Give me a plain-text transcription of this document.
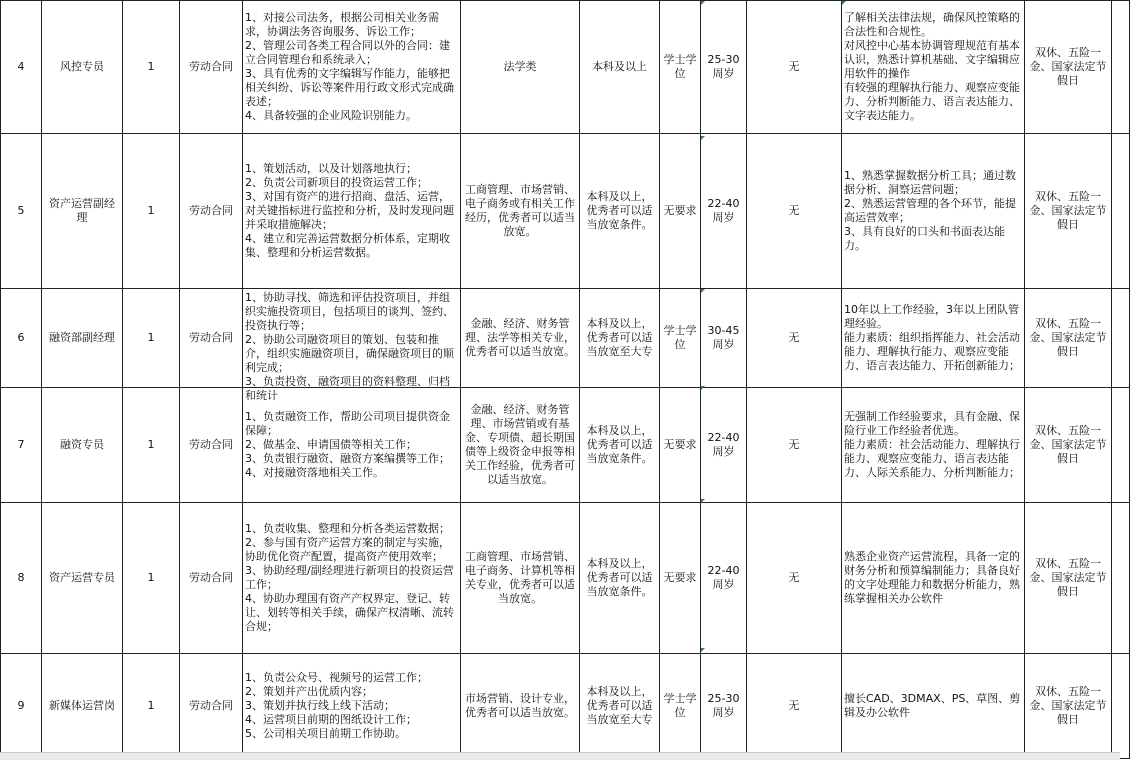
4	风控专员	1	劳动合同	1、对接公司法务，根据公司相关业务需求，协调法务咨询服务、诉讼工作；
2、管理公司各类工程合同以外的合同：建立合同管理台和系统录入；
3、具有优秀的文字编辑写作能力，能够把相关纠纷、诉讼等案件用行政文形式完成确表述；
4、具备较强的企业风险识别能力。	法学类	本科及以上	学士学位	25-30周岁	无	了解相关法律法规，确保风控策略的合法性和合规性。
对风控中心基本协调管理规范有基本认识，熟悉计算机基础、文字编辑应用软件的操作
有较强的理解执行能力、观察应变能力、分析判断能力、语言表达能力、文字表达能力。	双休、五险一金、国家法定节假日	

5	资产运营副经理	1	劳动合同	1、策划活动，以及计划落地执行；
2、负责公司新项目的投资运营工作；
3、对国有资产的进行招商、盘活、运营，对关键指标进行监控和分析，及时发现问题并采取措施解决；
4、建立和完善运营数据分析体系，定期收集、整理和分析运营数据。	工商管理、市场营销、电子商务或有相关工作经历，优秀者可以适当放宽。	本科及以上，优秀者可以适当放宽条件。	无要求	22-40周岁	无	1、熟悉掌握数据分析工具；通过数据分析、洞察运营问题；
2、熟悉运营管理的各个环节，能提高运营效率；
3、具有良好的口头和书面表达能力。	双休、五险一金、国家法定节假日	

6	融资部副经理	1	劳动合同	1、协助寻找、筛选和评估投资项目，并组织实施投资项目，包括项目的谈判、签约、投资执行等；
2、协助公司融资项目的策划、包装和推介，组织实施融资项目，确保融资项目的顺利完成；
3、负责投资、融资项目的资料整理、归档和统计	金融、经济、财务管理、法学等相关专业，优秀者可以适当放宽。	本科及以上，优秀者可以适当放宽至大专	学士学位	30-45周岁	无	10年以上工作经验，3年以上团队管理经验。
能力素质：组织指挥能力、社会活动能力、理解执行能力、观察应变能力、语言表达能力、开拓创新能力；	双休、五险一金、国家法定节假日	

7	融资专员	1	劳动合同	1、负责融资工作，帮助公司项目提供资金保障；
2、做基金、申请国债等相关工作；
3、负责银行融资、融资方案编撰等工作；
4、对接融资落地相关工作。	金融、经济、财务管理、市场营销或有基金、专项债、超长期国债等上级资金申报等相关工作经验，优秀者可以适当放宽。	本科及以上，优秀者可以适当放宽条件。	无要求	22-40周岁	无	无强制工作经验要求，具有金融、保险行业工作经验者优选。
能力素质：社会活动能力、理解执行能力、观察应变能力、语言表达能力、人际关系能力、分析判断能力；	双休、五险一金、国家法定节假日	

8	资产运营专员	1	劳动合同	1、负责收集、整理和分析各类运营数据；
2、参与国有资产运营方案的制定与实施，协助优化资产配置，提高资产使用效率；
3、协助经理/副经理进行新项目的投资运营工作；
4、协助办理国有资产产权界定、登记、转让、划转等相关手续，确保产权清晰、流转合规；	工商管理、市场营销、电子商务、计算机等相关专业，优秀者可以适当放宽。	本科及以上，优秀者可以适当放宽条件。	无要求	22-40周岁	无	熟悉企业资产运营流程，具备一定的财务分析和预算编制能力；具备良好的文字处理能力和数据分析能力，熟练掌握相关办公软件	双休、五险一金、国家法定节假日	

9	新媒体运营岗	1	劳动合同	1、负责公众号、视频号的运营工作；
2、策划并产出优质内容；
3、策划并执行线上线下活动；
4、运营项目前期的图纸设计工作；
5、公司相关项目前期工作协助。	市场营销、设计专业，优秀者可以适当放宽。	本科及以上，优秀者可以适当放宽至大专	学士学位	25-30周岁	无	擅长CAD、3DMAX、PS、草图、剪辑及办公软件	双休、五险一金、国家法定节假日	
